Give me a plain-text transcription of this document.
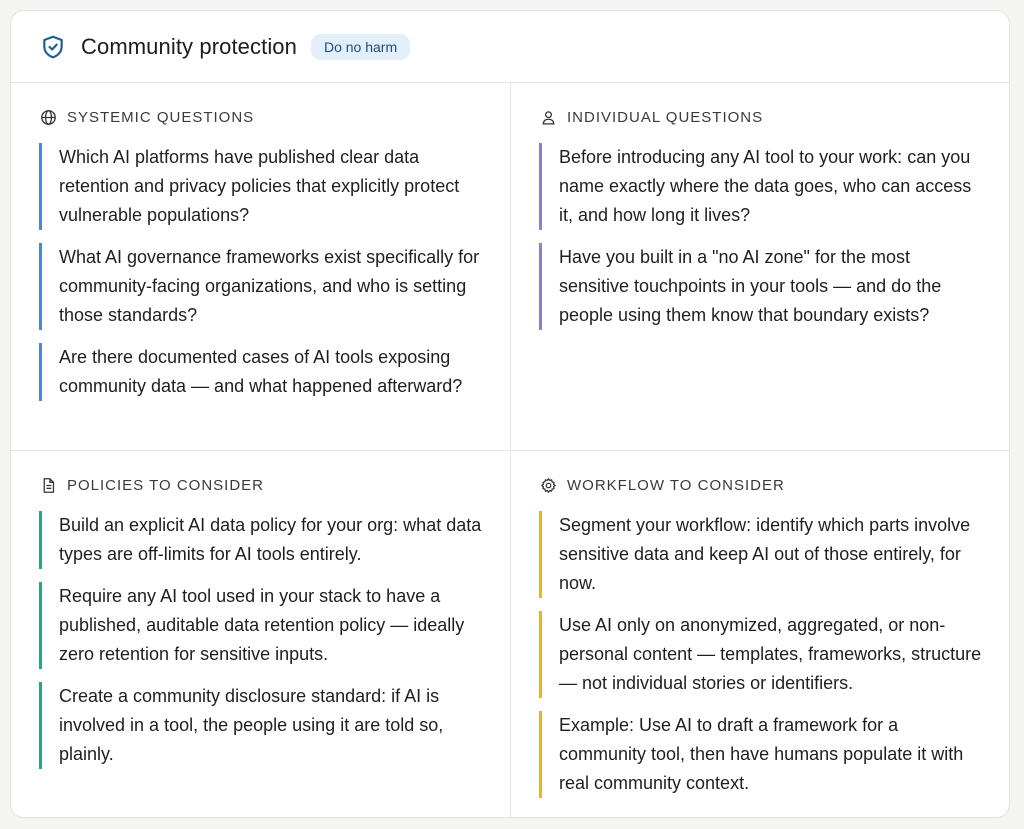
Community protection	Do no harm
SYSTEMIC QUESTIONS
Which AI platforms have published clear data retention and privacy policies that explicitly protect vulnerable populations?
What AI governance frameworks exist specifically for community-facing organizations, and who is setting those standards?
Are there documented cases of AI tools exposing community data — and what happened afterward?
INDIVIDUAL QUESTIONS
Before introducing any AI tool to your work: can you name exactly where the data goes, who can access it, and how long it lives?
Have you built in a "no AI zone" for the most sensitive touchpoints in your tools — and do the people using them know that boundary exists?
POLICIES TO CONSIDER
Build an explicit AI data policy for your org: what data types are off-limits for AI tools entirely.
Require any AI tool used in your stack to have a published, auditable data retention policy — ideally zero retention for sensitive inputs.
Create a community disclosure standard: if AI is involved in a tool, the people using it are told so, plainly.
WORKFLOW TO CONSIDER
Segment your workflow: identify which parts involve sensitive data and keep AI out of those entirely, for now.
Use AI only on anonymized, aggregated, or non-personal content — templates, frameworks, structure — not individual stories or identifiers.
Example: Use AI to draft a framework for a community tool, then have humans populate it with real community context.
